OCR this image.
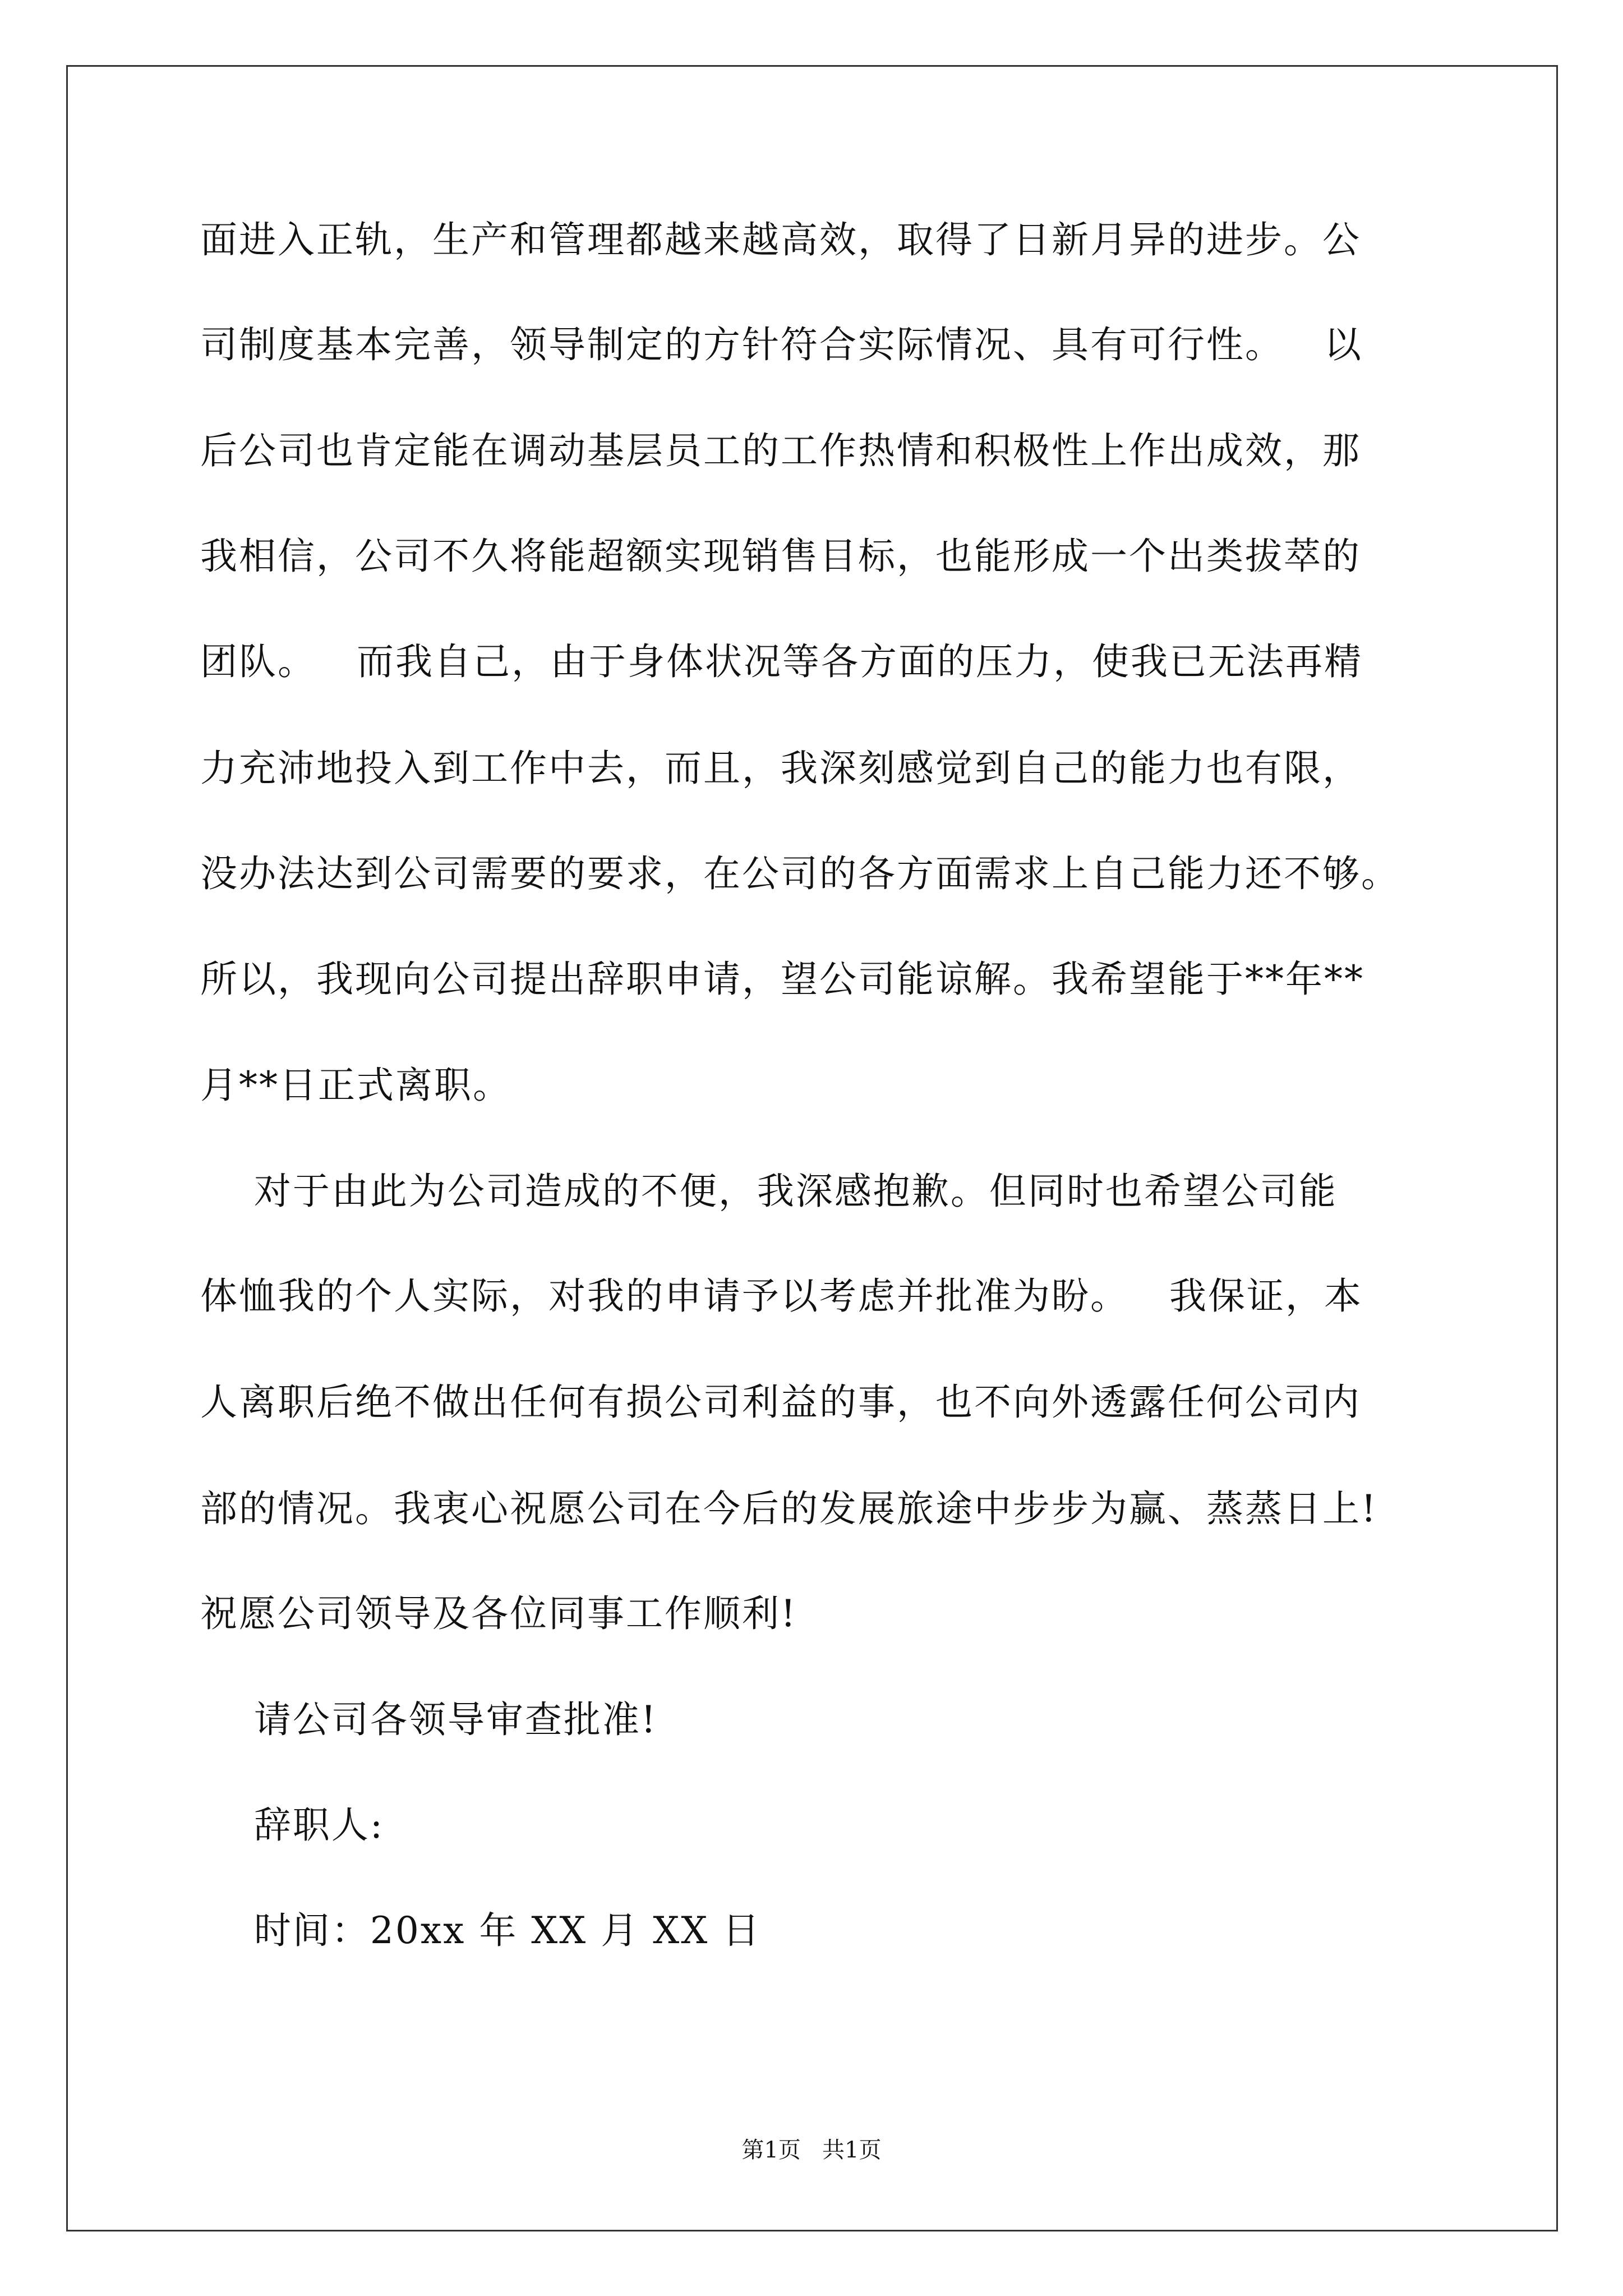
面进入正轨，生产和管理都越来越高效，取得了日新月异的进步。公
司制度基本完善，领导制定的方针符合实际情况、具有可行性。   以
后公司也肯定能在调动基层员工的工作热情和积极性上作出成效，那
我相信，公司不久将能超额实现销售目标，也能形成一个出类拔萃的
团队。   而我自己，由于身体状况等各方面的压力，使我已无法再精
力充沛地投入到工作中去，而且，我深刻感觉到自己的能力也有限，
没办法达到公司需要的要求，在公司的各方面需求上自己能力还不够。
所以，我现向公司提出辞职申请，望公司能谅解。我希望能于**年**
月**日正式离职。
对于由此为公司造成的不便，我深感抱歉。但同时也希望公司能
体恤我的个人实际，对我的申请予以考虑并批准为盼。   我保证，本
人离职后绝不做出任何有损公司利益的事，也不向外透露任何公司内
部的情况。我衷心祝愿公司在今后的发展旅途中步步为赢、蒸蒸日上!
祝愿公司领导及各位同事工作顺利!
请公司各领导审查批准!
辞职人:
时间：20xx 年 XX 月 XX 日
第1页   共1页
